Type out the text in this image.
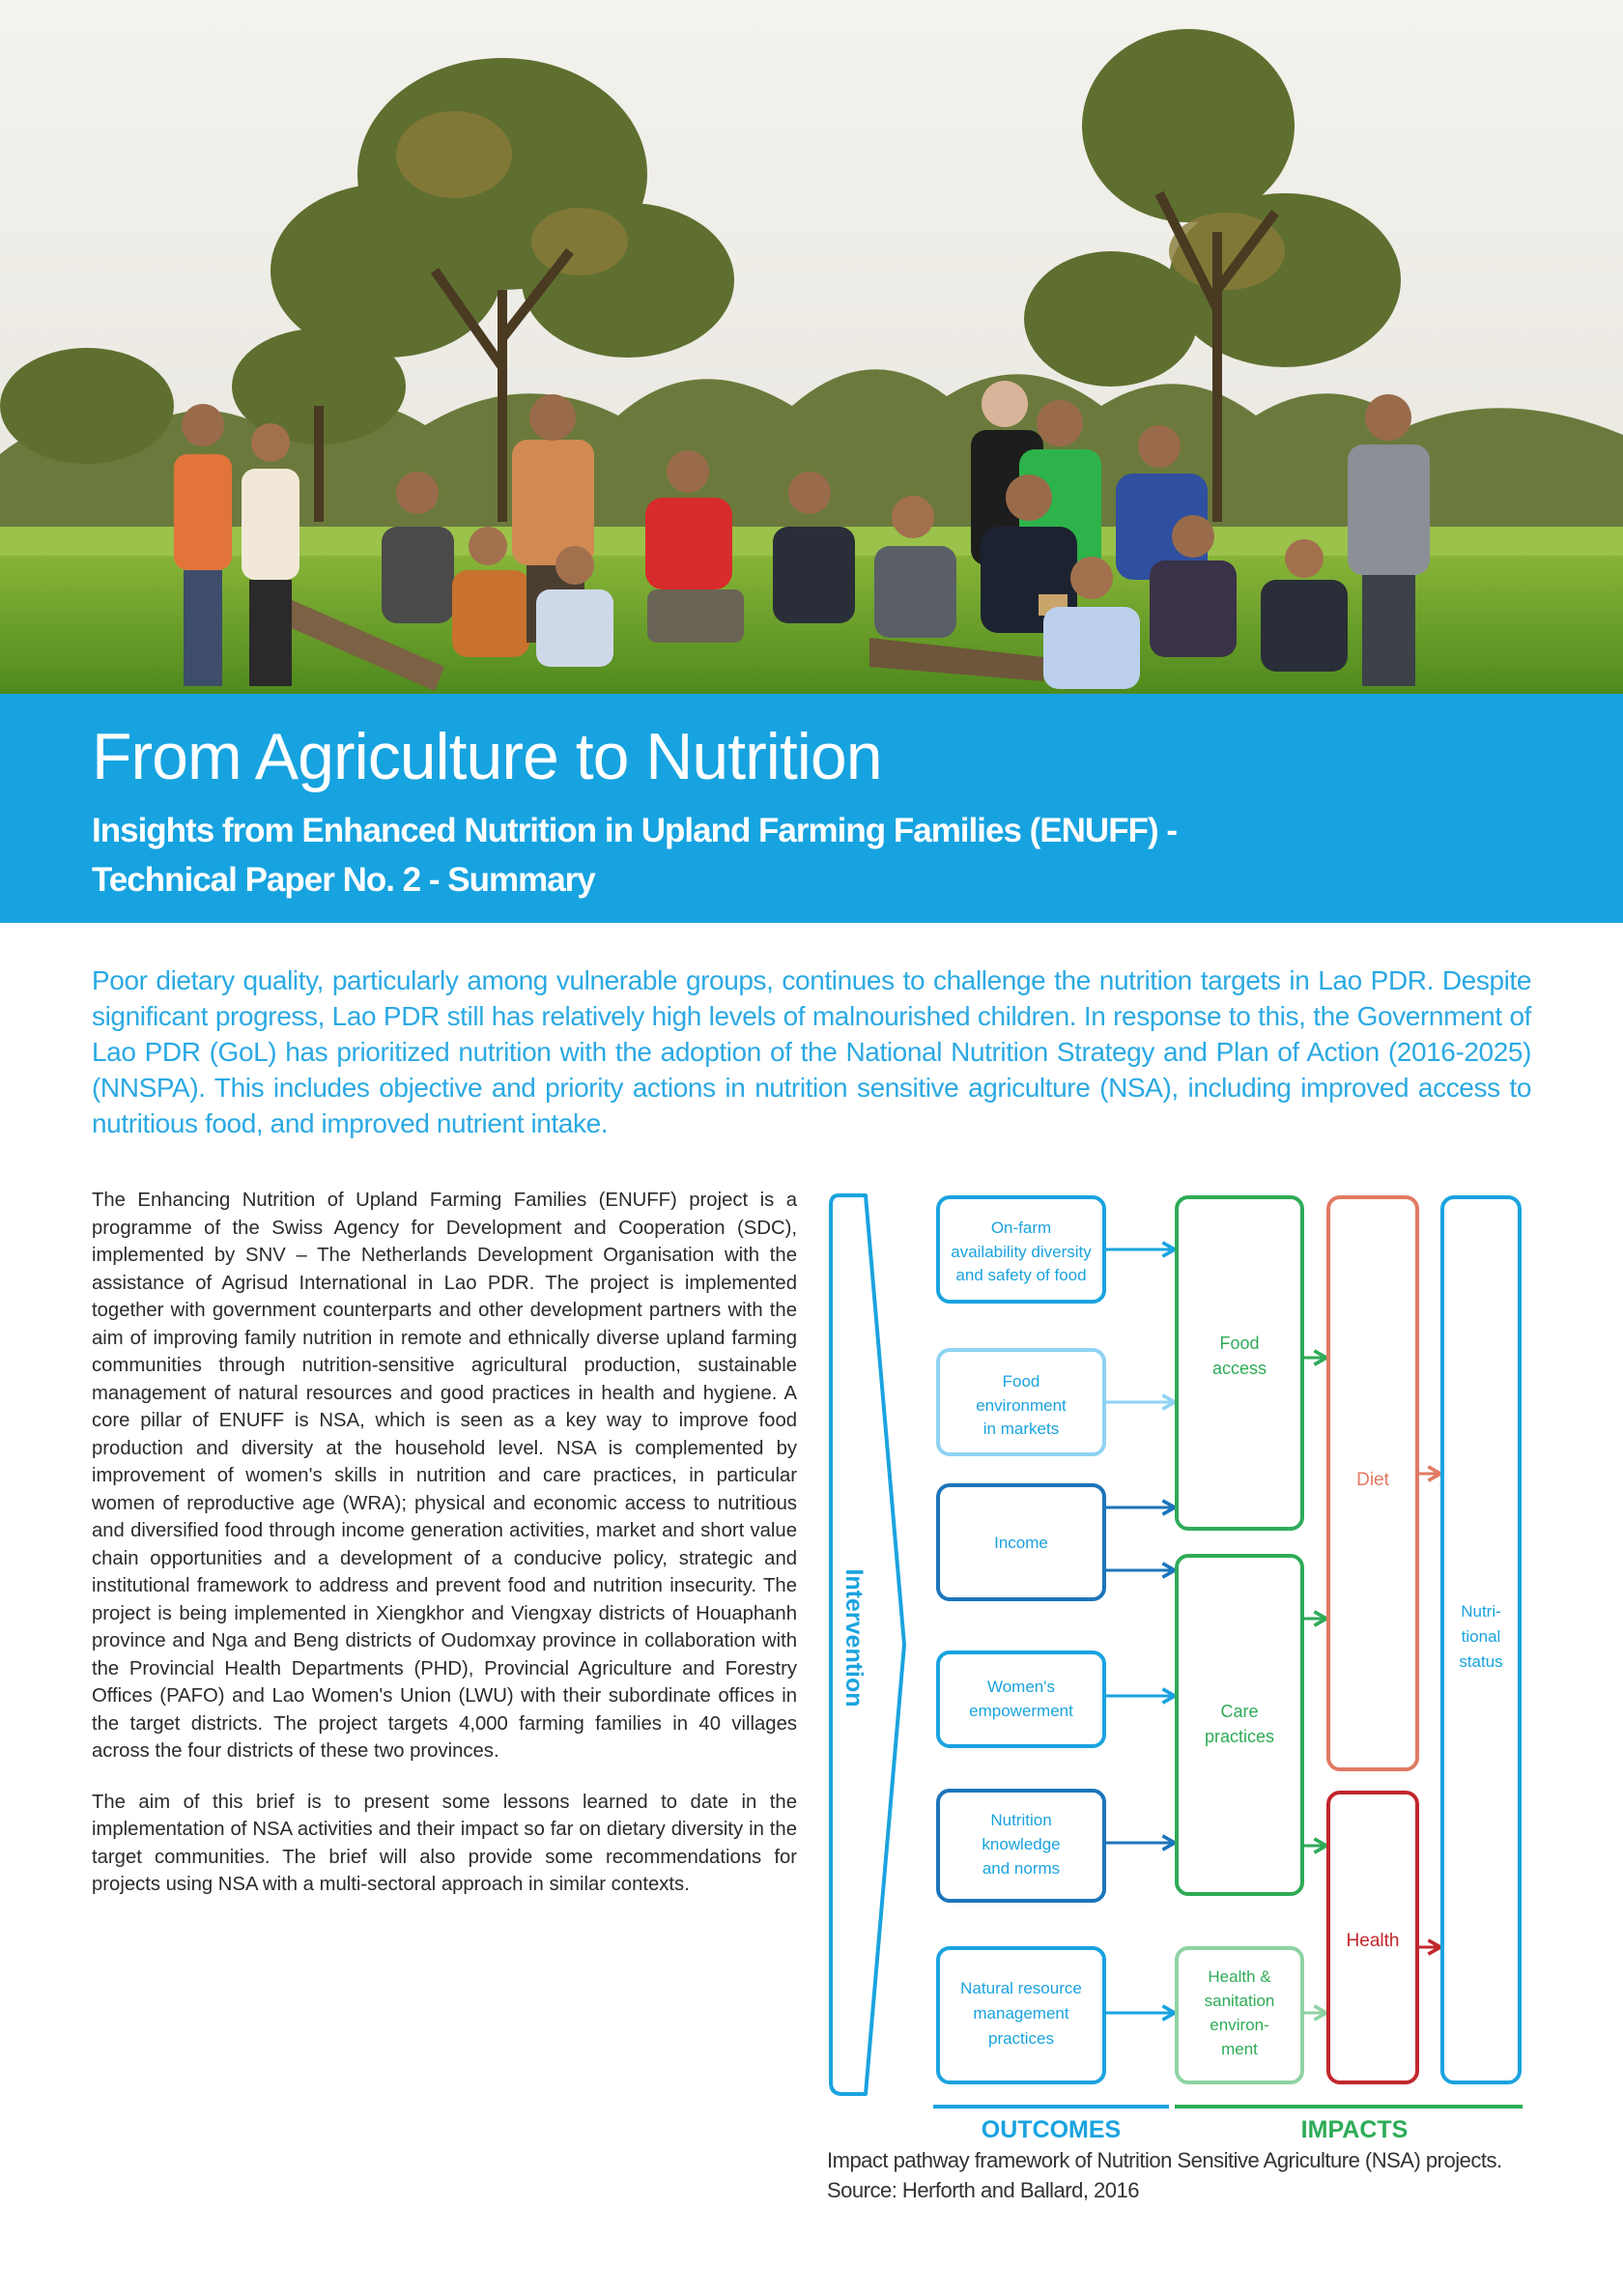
From Agriculture to Nutrition
Insights from Enhanced Nutrition in Upland Farming Families (ENUFF) -
Technical Paper No. 2 - Summary
Poor dietary quality, particularly among vulnerable groups, continues to challenge the nutrition targets in Lao PDR. Despite significant progress, Lao PDR still has relatively high levels of malnourished children. In response to this, the Government of Lao PDR (GoL) has prioritized nutrition with the adoption of the National Nutrition Strategy and Plan of Action (2016-2025) (NNSPA). This includes objective and priority actions in nutrition sensitive agriculture (NSA), including improved access to nutritious food, and improved nutrient intake.

The Enhancing Nutrition of Upland Farming Families (ENUFF) project is a programme of the Swiss Agency for Development and Cooperation (SDC), implemented by SNV – The Netherlands Development Organisation with the assistance of Agrisud International in Lao PDR. The project is implemented together with government counterparts and other development partners with the aim of improving family nutrition in remote and ethnically diverse upland farming communities through nutrition-sensitive agricultural production, sustainable management of natural resources and good practices in health and hygiene. A core pillar of ENUFF is NSA, which is seen as a key way to improve food production and diversity at the household level. NSA is complemented by improvement of women's skills in nutrition and care practices, in particular women of reproductive age (WRA); physical and economic access to nutritious and diversified food through income generation activities, market and short value chain opportunities and a development of a conducive policy, strategic and institutional framework to address and prevent food and nutrition insecurity. The project is being implemented in Xiengkhor and Viengxay districts of Houaphanh province and Nga and Beng districts of Oudomxay province in collaboration with the Provincial Health Departments (PHD), Provincial Agriculture and Forestry Offices (PAFO) and Lao Women's Union (LWU) with their subordinate offices in the target districts. The project targets 4,000 farming families in 40 villages across the four districts of these two provinces.

The aim of this brief is to present some lessons learned to date in the implementation of NSA activities and their impact so far on dietary diversity in the target communities. The brief will also provide some recommendations for projects using NSA with a multi-sectoral approach in similar contexts.

Intervention
On-farm
availability diversity
and safety of food
Food
environment
in markets
Income
Women's
empowerment
Nutrition
knowledge
and norms
Natural resource
management
practices
Food
access
Care
practices
Health &
sanitation
environ-
ment
Diet
Health
Nutri-
tional
status
OUTCOMES	IMPACTS
Impact pathway framework of Nutrition Sensitive Agriculture (NSA) projects. Source: Herforth and Ballard, 2016
